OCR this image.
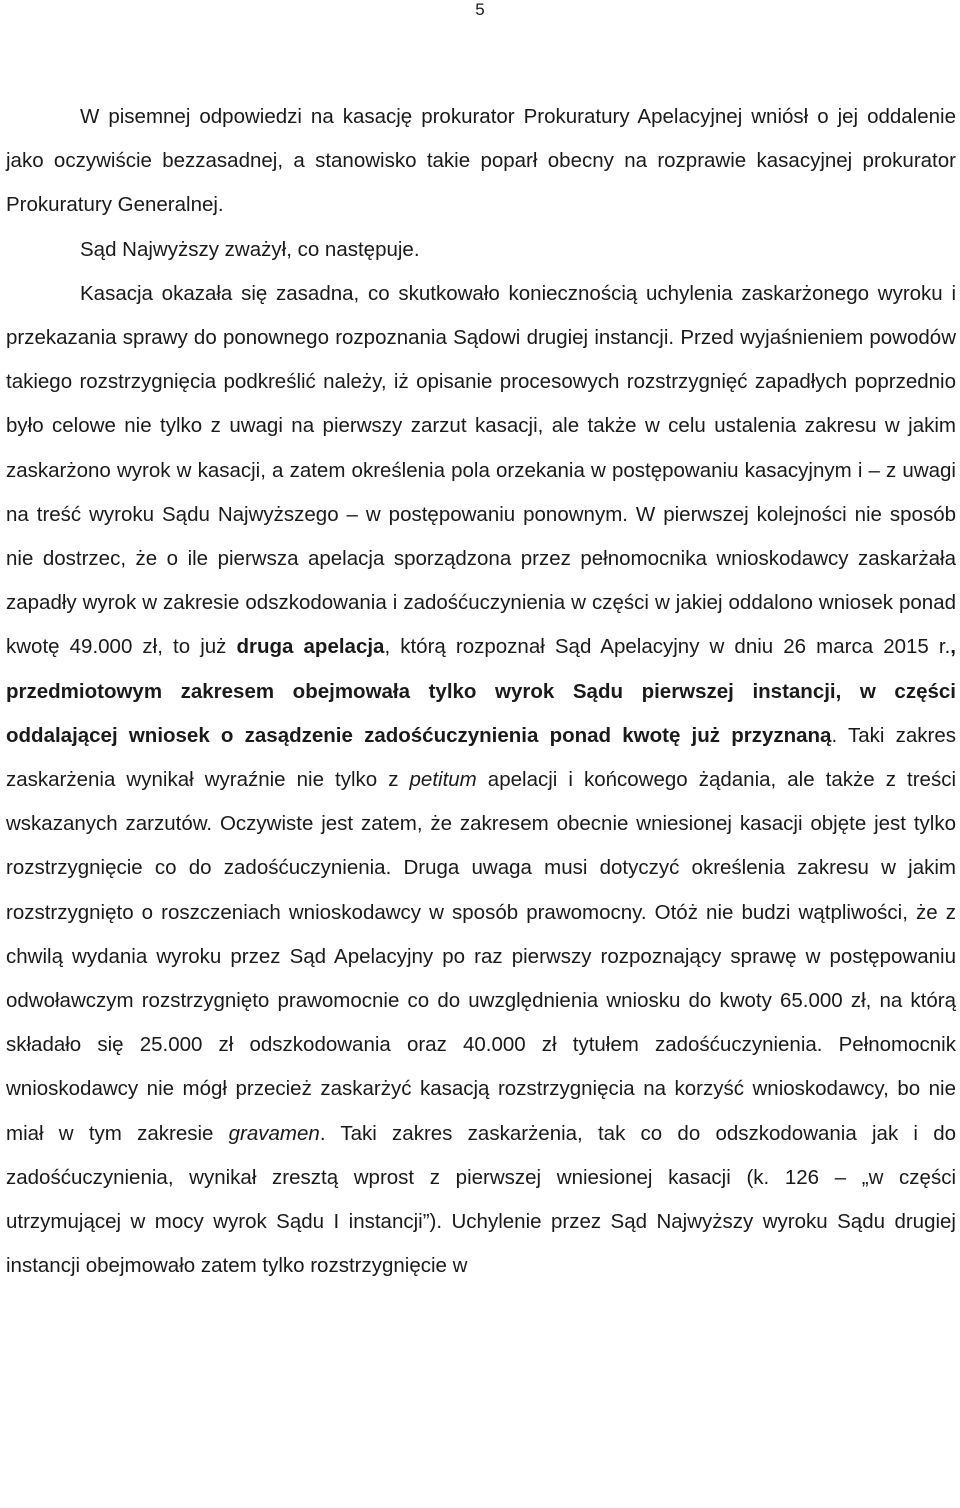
5

W pisemnej odpowiedzi na kasację prokurator Prokuratury Apelacyjnej wniósł o jej oddalenie jako oczywiście bezzasadnej, a stanowisko takie poparł obecny na rozprawie kasacyjnej prokurator Prokuratury Generalnej.

Sąd Najwyższy zważył, co następuje.

Kasacja okazała się zasadna, co skutkowało koniecznością uchylenia zaskarżonego wyroku i przekazania sprawy do ponownego rozpoznania Sądowi drugiej instancji. Przed wyjaśnieniem powodów takiego rozstrzygnięcia podkreślić należy, iż opisanie procesowych rozstrzygnięć zapadłych poprzednio było celowe nie tylko z uwagi na pierwszy zarzut kasacji, ale także w celu ustalenia zakresu w jakim zaskarżono wyrok w kasacji, a zatem określenia pola orzekania w postępowaniu kasacyjnym i – z uwagi na treść wyroku Sądu Najwyższego – w postępowaniu ponownym. W pierwszej kolejności nie sposób nie dostrzec, że o ile pierwsza apelacja sporządzona przez pełnomocnika wnioskodawcy zaskarżała zapadły wyrok w zakresie odszkodowania i zadośćuczynienia w części w jakiej oddalono wniosek ponad kwotę 49.000 zł, to już druga apelacja, którą rozpoznał Sąd Apelacyjny w dniu 26 marca 2015 r., przedmiotowym zakresem obejmowała tylko wyrok Sądu pierwszej instancji, w części oddalającej wniosek o zasądzenie zadośćuczynienia ponad kwotę już przyznaną. Taki zakres zaskarżenia wynikał wyraźnie nie tylko z petitum apelacji i końcowego żądania, ale także z treści wskazanych zarzutów. Oczywiste jest zatem, że zakresem obecnie wniesionej kasacji objęte jest tylko rozstrzygnięcie co do zadośćuczynienia. Druga uwaga musi dotyczyć określenia zakresu w jakim rozstrzygnięto o roszczeniach wnioskodawcy w sposób prawomocny. Otóż nie budzi wątpliwości, że z chwilą wydania wyroku przez Sąd Apelacyjny po raz pierwszy rozpoznający sprawę w postępowaniu odwoławczym rozstrzygnięto prawomocnie co do uwzględnienia wniosku do kwoty 65.000 zł, na którą składało się 25.000 zł odszkodowania oraz 40.000 zł tytułem zadośćuczynienia. Pełnomocnik wnioskodawcy nie mógł przecież zaskarżyć kasacją rozstrzygnięcia na korzyść wnioskodawcy, bo nie miał w tym zakresie gravamen. Taki zakres zaskarżenia, tak co do odszkodowania jak i do zadośćuczynienia, wynikał zresztą wprost z pierwszej wniesionej kasacji (k. 126 – „w części utrzymującej w mocy wyrok Sądu I instancji”). Uchylenie przez Sąd Najwyższy wyroku Sądu drugiej instancji obejmowało zatem tylko rozstrzygnięcie w
